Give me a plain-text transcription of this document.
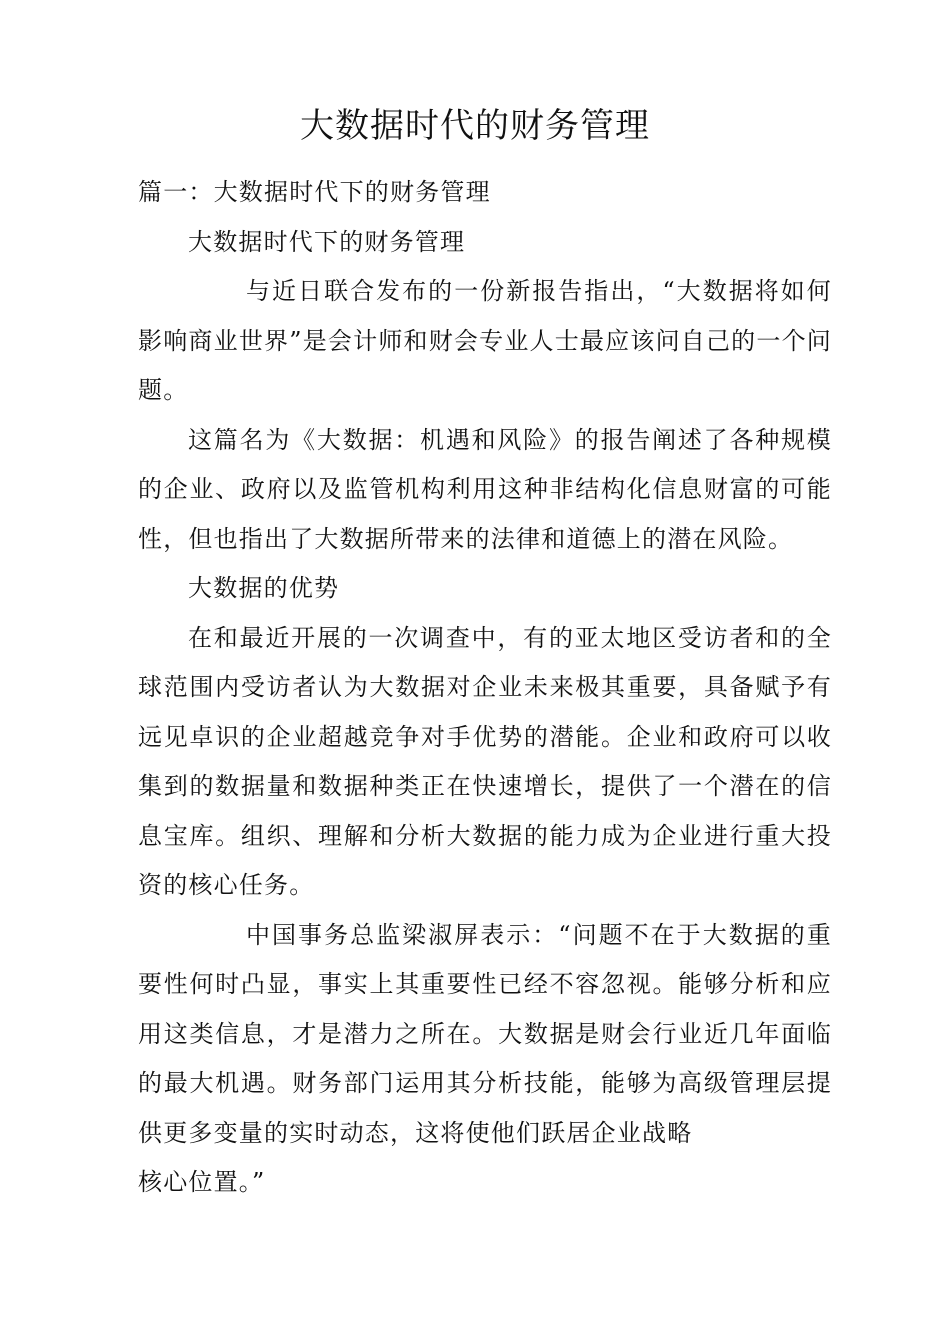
大数据时代的财务管理

篇一：大数据时代下的财务管理

大数据时代下的财务管理

与近日联合发布的一份新报告指出，“大数据将如何影响商业世界”是会计师和财会专业人士最应该问自己的一个问题。

这篇名为《大数据：机遇和风险》的报告阐述了各种规模的企业、政府以及监管机构利用这种非结构化信息财富的可能性，但也指出了大数据所带来的法律和道德上的潜在风险。

大数据的优势

在和最近开展的一次调查中，有的亚太地区受访者和的全球范围内受访者认为大数据对企业未来极其重要，具备赋予有远见卓识的企业超越竞争对手优势的潜能。企业和政府可以收集到的数据量和数据种类正在快速增长，提供了一个潜在的信息宝库。组织、理解和分析大数据的能力成为企业进行重大投资的核心任务。

中国事务总监梁淑屏表示：“问题不在于大数据的重要性何时凸显，事实上其重要性已经不容忽视。能够分析和应用这类信息，才是潜力之所在。大数据是财会行业近几年面临的最大机遇。财务部门运用其分析技能，能够为高级管理层提供更多变量的实时动态，这将使他们跃居企业战略

核心位置。”
